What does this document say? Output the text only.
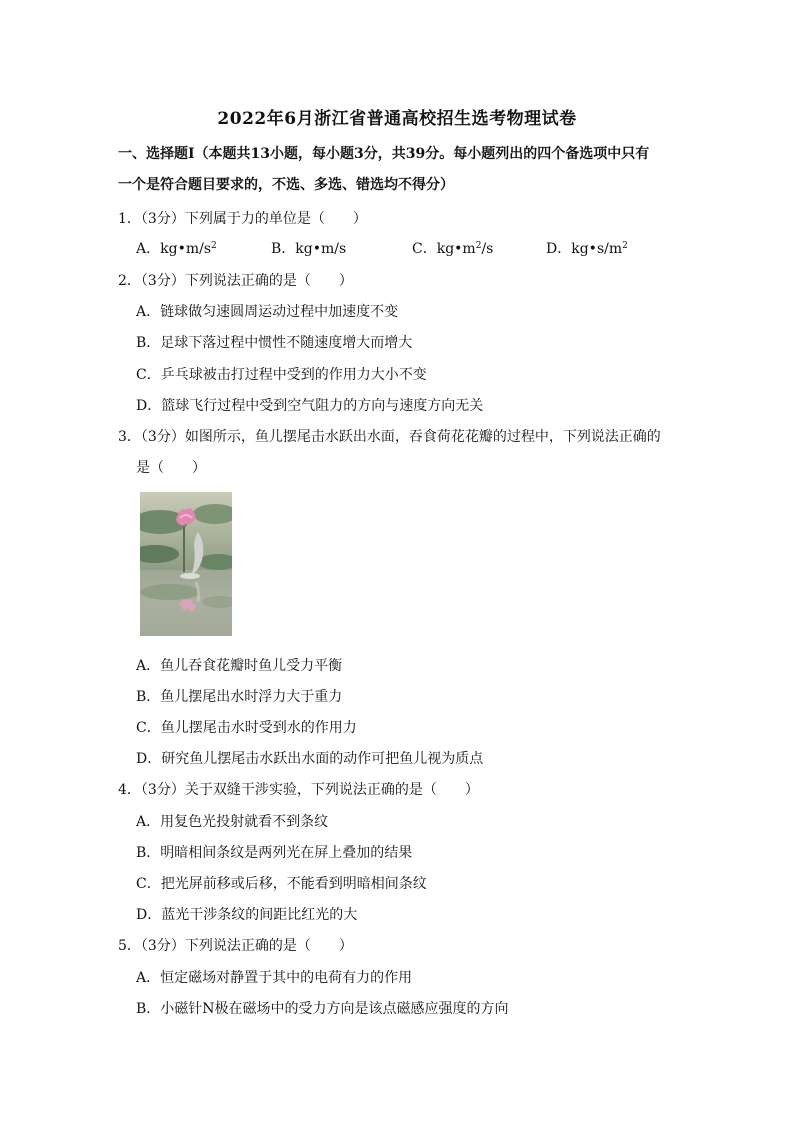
2022年6月浙江省普通高校招生选考物理试卷
一、选择题Ⅰ（本题共13小题，每小题3分，共39分。每小题列出的四个备选项中只有
一个是符合题目要求的，不选、多选、错选均不得分）
1．（3分）下列属于力的单位是（　　）
A．$kg•m/s^2$	B．kg•m/s	C．$kg•m^2/s$	D．$kg•s/m^2$
2．（3分）下列说法正确的是（　　）
A．链球做匀速圆周运动过程中加速度不变
B．足球下落过程中惯性不随速度增大而增大
C．乒乓球被击打过程中受到的作用力大小不变
D．篮球飞行过程中受到空气阻力的方向与速度方向无关
3．（3分）如图所示，鱼儿摆尾击水跃出水面，吞食荷花花瓣的过程中，下列说法正确的
是（　　）
A．鱼儿吞食花瓣时鱼儿受力平衡
B．鱼儿摆尾出水时浮力大于重力
C．鱼儿摆尾击水时受到水的作用力
D．研究鱼儿摆尾击水跃出水面的动作可把鱼儿视为质点
4．（3分）关于双缝干涉实验，下列说法正确的是（　　）
A．用复色光投射就看不到条纹
B．明暗相间条纹是两列光在屏上叠加的结果
C．把光屏前移或后移，不能看到明暗相间条纹
D．蓝光干涉条纹的间距比红光的大
5．（3分）下列说法正确的是（　　）
A．恒定磁场对静置于其中的电荷有力的作用
B．小磁针N极在磁场中的受力方向是该点磁感应强度的方向
